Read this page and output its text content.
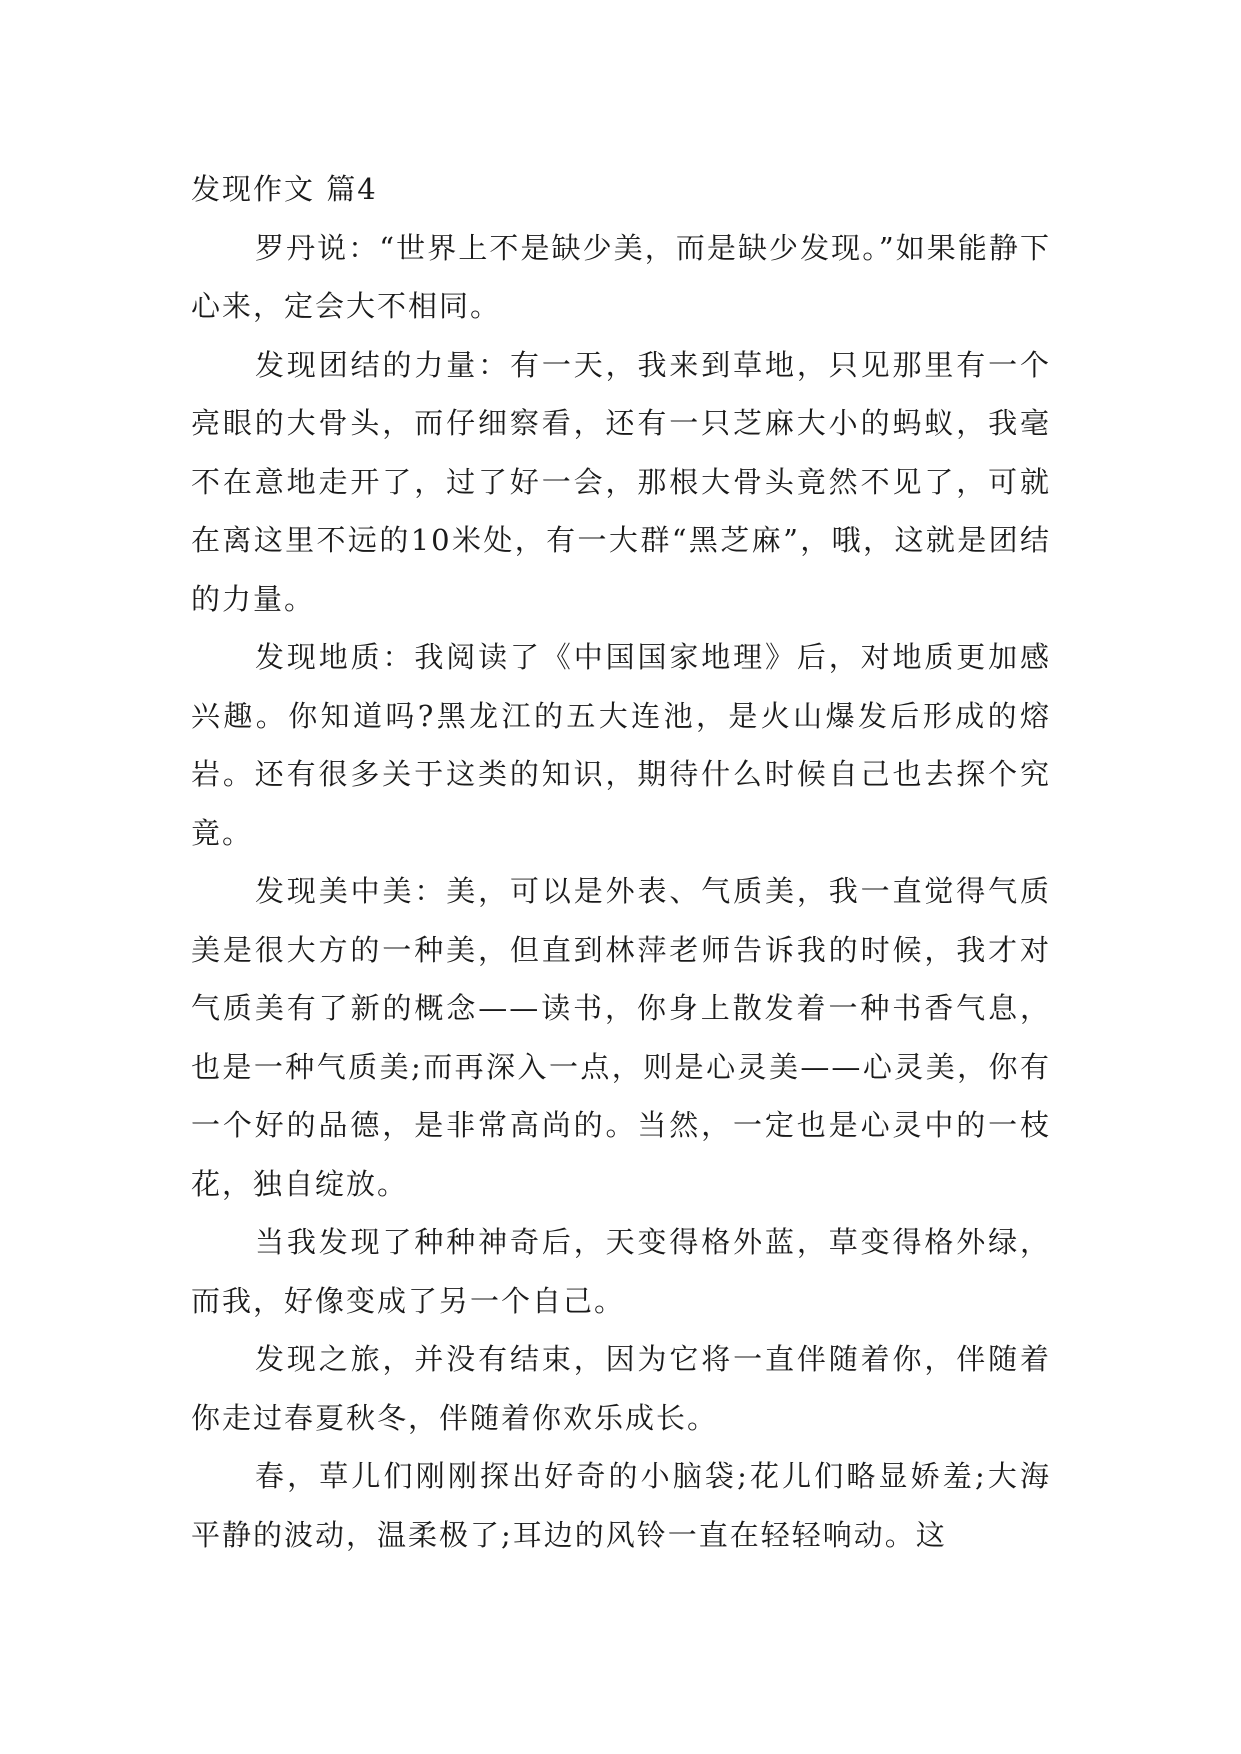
发现作文 篇4

罗丹说：“世界上不是缺少美，而是缺少发现。”如果能静下心来，定会大不相同。

发现团结的力量：有一天，我来到草地，只见那里有一个亮眼的大骨头，而仔细察看，还有一只芝麻大小的蚂蚁，我毫不在意地走开了，过了好一会，那根大骨头竟然不见了，可就在离这里不远的10米处，有一大群“黑芝麻”，哦，这就是团结的力量。

发现地质：我阅读了《中国国家地理》后，对地质更加感兴趣。你知道吗?黑龙江的五大连池，是火山爆发后形成的熔岩。还有很多关于这类的知识，期待什么时候自己也去探个究竟。

发现美中美：美，可以是外表、气质美，我一直觉得气质美是很大方的一种美，但直到林萍老师告诉我的时候，我才对气质美有了新的概念——读书，你身上散发着一种书香气息，也是一种气质美;而再深入一点，则是心灵美——心灵美，你有一个好的品德，是非常高尚的。当然，一定也是心灵中的一枝花，独自绽放。

当我发现了种种神奇后，天变得格外蓝，草变得格外绿，而我，好像变成了另一个自己。

发现之旅，并没有结束，因为它将一直伴随着你，伴随着你走过春夏秋冬，伴随着你欢乐成长。

春，草儿们刚刚探出好奇的小脑袋;花儿们略显娇羞;大海平静的波动，温柔极了;耳边的风铃一直在轻轻响动。这
